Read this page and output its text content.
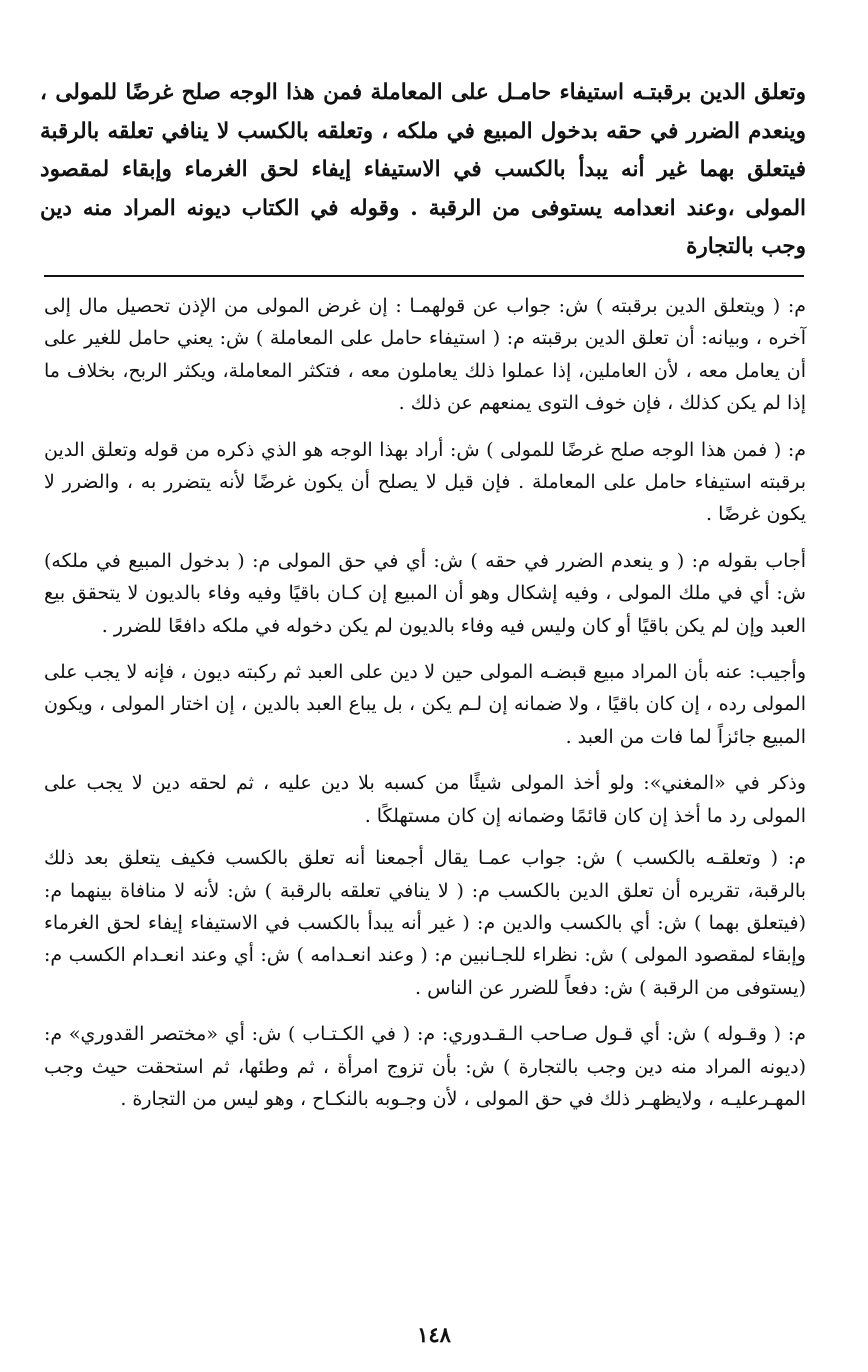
وتعلق الدين برقبتـه استيفاء حامـل على المعاملة فمن هذا الوجه صلح غرضًا للمولى ، وينعدم الضرر في حقه بدخول المبيع في ملكه ، وتعلقه بالكسب لا ينافي تعلقه بالرقبة فيتعلق بهما غير أنه يبدأ بالكسب في الاستيفاء إيفاء لحق الغرماء وإبقاء لمقصود المولى ،وعند انعدامه يستوفى من الرقبة . وقوله في الكتاب ديونه المراد منه دين وجب بالتجارة

م: ( ويتعلق الدين برقبته ) ش: جواب عن قولهمـا : إن غرض المولى من الإذن تحصيل مال إلى آخره ، وبيانه: أن تعلق الدين برقبته م: ( استيفاء حامل على المعاملة ) ش: يعني حامل للغير على أن يعامل معه ، لأن العاملين، إذا عملوا ذلك يعاملون معه ، فتكثر المعاملة، ويكثر الربح، بخلاف ما إذا لم يكن كذلك ، فإن خوف التوى يمنعهم عن ذلك .

م: ( فمن هذا الوجه صلح غرضًا للمولى ) ش: أراد بهذا الوجه هو الذي ذكره من قوله وتعلق الدين برقبته استيفاء حامل على المعاملة . فإن قيل لا يصلح أن يكون غرضًا لأنه يتضرر به ، والضرر لا يكون غرضًا .

أجاب بقوله م: ( و ينعدم الضرر في حقه ) ش: أي في حق المولى م: ( بدخول المبيع في ملكه) ش: أي في ملك المولى ، وفيه إشكال وهو أن المبيع إن كـان باقيًا وفيه وفاء بالديون لا يتحقق بيع العبد وإن لم يكن باقيًا أو كان وليس فيه وفاء بالديون لم يكن دخوله في ملكه دافعًا للضرر .

وأجيب: عنه بأن المراد مبيع قبضـه المولى حين لا دين على العبد ثم ركبته ديون ، فإنه لا يجب على المولى رده ، إن كان باقيًا ، ولا ضمانه إن لـم يكن ، بل يباع العبد بالدين ، إن اختار المولى ، ويكون المبيع جائزاً لما فات من العبد .

وذكر في «المغني»: ولو أخذ المولى شيئًا من كسبه بلا دين عليه ، ثم لحقه دين لا يجب على المولى رد ما أخذ إن كان قائمًا وضمانه إن كان مستهلكًا .

م: ( وتعلقـه بالكسب ) ش: جواب عمـا يقال أجمعنا أنه تعلق بالكسب فكيف يتعلق بعد ذلك بالرقبة، تقريره أن تعلق الدين بالكسب م: ( لا ينافي تعلقه بالرقبة ) ش: لأنه لا منافاة بينهما م: (فيتعلق بهما ) ش: أي بالكسب والدين م: ( غير أنه يبدأ بالكسب في الاستيفاء إيفاء لحق الغرماء وإبقاء لمقصود المولى ) ش: نظراء للجـانبين م: ( وعند انعـدامه ) ش: أي وعند انعـدام الكسب م: (يستوفى من الرقبة ) ش: دفعاً للضرر عن الناس .

م: ( وقـوله ) ش: أي قـول صـاحب الـقـدوري: م: ( في الكـتـاب ) ش: أي «مختصر القدوري» م: (ديونه المراد منه دين وجب بالتجارة ) ش: بأن تزوج امرأة ، ثم وطئها، ثم استحقت حيث وجب المهـرعليـه ، ولايظهـر ذلك في حق المولى ، لأن وجـوبه بالنكـاح ، وهو ليس من التجارة .

١٤٨
